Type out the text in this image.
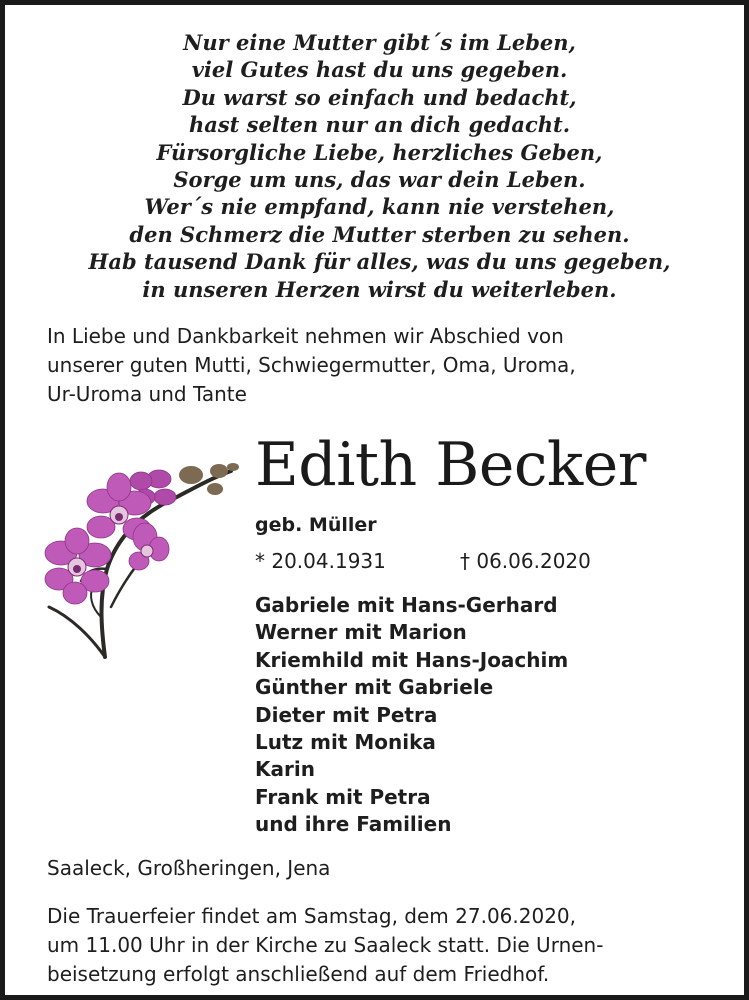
Nur eine Mutter gibt´s im Leben,
viel Gutes hast du uns gegeben.
Du warst so einfach und bedacht,
hast selten nur an dich gedacht.
Fürsorgliche Liebe, herzliches Geben,
Sorge um uns, das war dein Leben.
Wer´s nie empfand, kann nie verstehen,
den Schmerz die Mutter sterben zu sehen.
Hab tausend Dank für alles, was du uns gegeben,
in unseren Herzen wirst du weiterleben.
In Liebe und Dankbarkeit nehmen wir Abschied von
unserer guten Mutti, Schwiegermutter, Oma, Uroma,
Ur-Uroma und Tante
Edith Becker
geb. Müller
* 20.04.1931	† 06.06.2020
Gabriele mit Hans-Gerhard
Werner mit Marion
Kriemhild mit Hans-Joachim
Günther mit Gabriele
Dieter mit Petra
Lutz mit Monika
Karin
Frank mit Petra
und ihre Familien
Saaleck, Großheringen, Jena
Die Trauerfeier findet am Samstag, dem 27.06.2020,
um 11.00 Uhr in der Kirche zu Saaleck statt. Die Urnen-
beisetzung erfolgt anschließend auf dem Friedhof.
